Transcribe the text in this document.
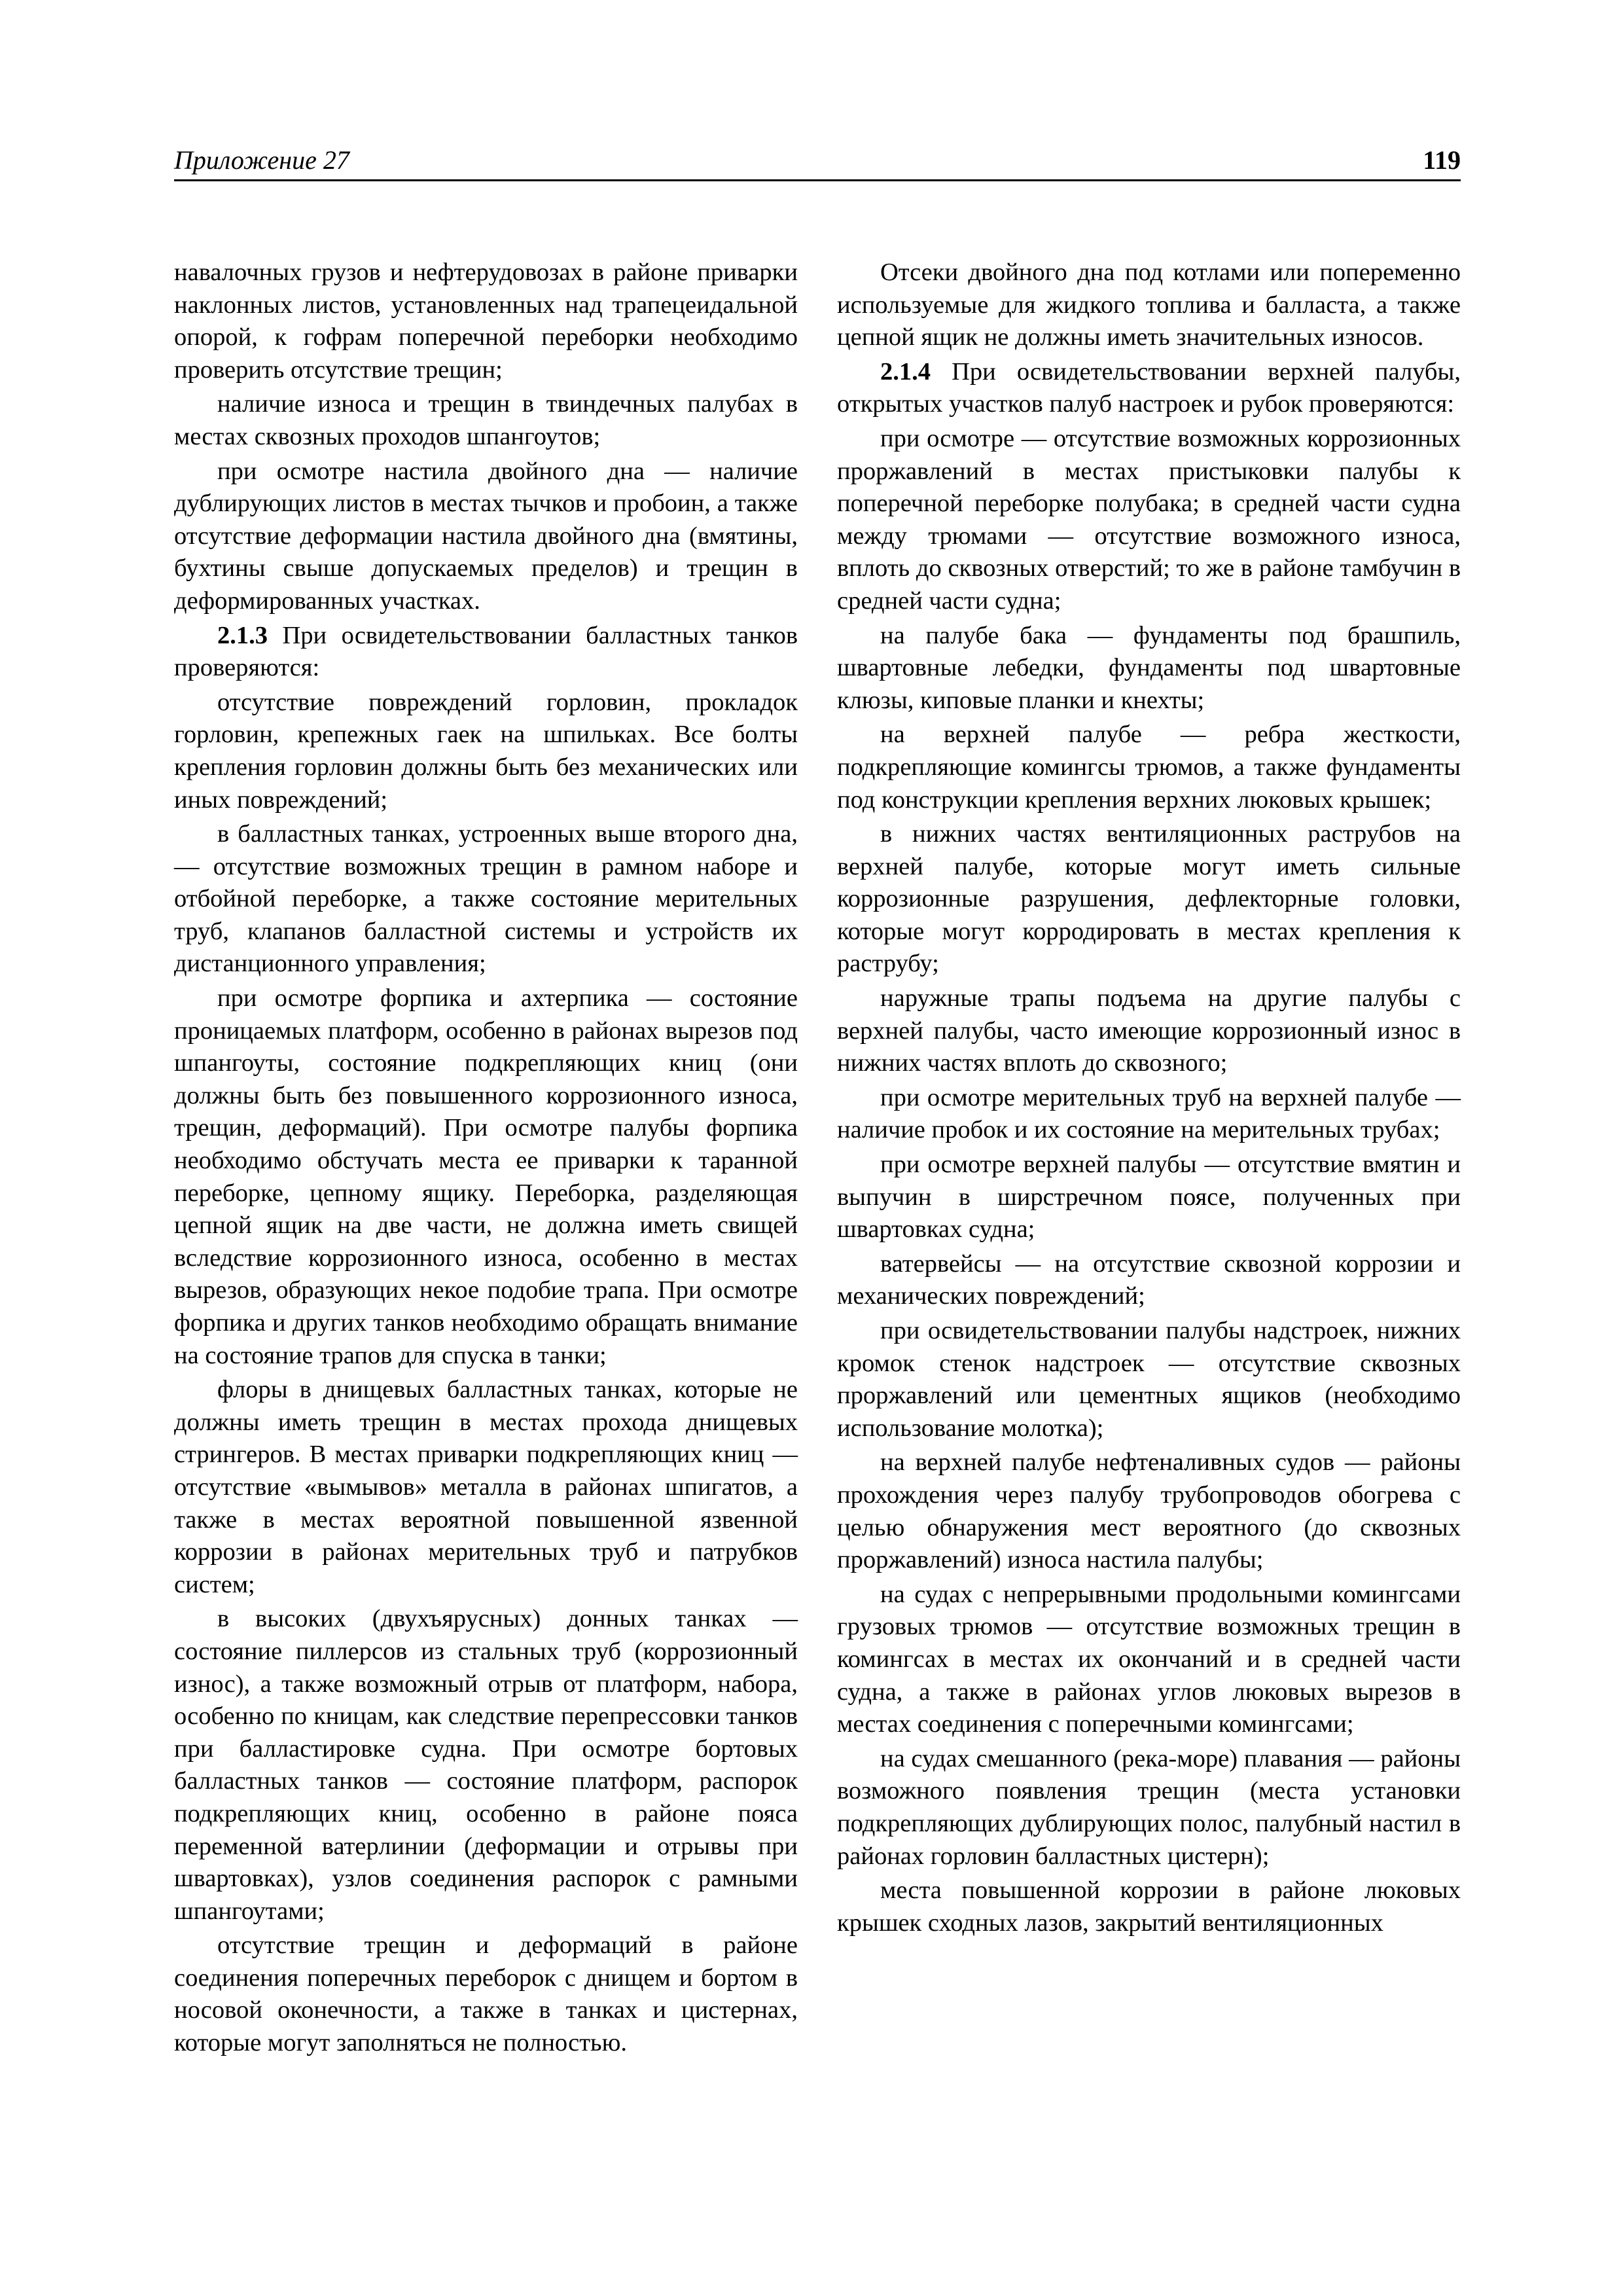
Приложение 27	119

навалочных грузов и нефтерудовозах в районе приварки наклонных листов, установленных над трапецеидальной опорой, к гофрам поперечной переборки необходимо проверить отсутствие трещин;

наличие износа и трещин в твиндечных палубах в местах сквозных проходов шпангоутов;

при осмотре настила двойного дна — наличие дублирующих листов в местах тычков и пробоин, а также отсутствие деформации настила двойного дна (вмятины, бухтины свыше допускаемых пределов) и трещин в деформированных участках.

2.1.3 При освидетельствовании балластных танков проверяются:

отсутствие повреждений горловин, прокладок горловин, крепежных гаек на шпильках. Все болты крепления горловин должны быть без механических или иных повреждений;

в балластных танках, устроенных выше второго дна, — отсутствие возможных трещин в рамном наборе и отбойной переборке, а также состояние мерительных труб, клапанов балластной системы и устройств их дистанционного управления;

при осмотре форпика и ахтерпика — состояние проницаемых платформ, особенно в районах вырезов под шпангоуты, состояние подкрепляющих книц (они должны быть без повышенного коррозионного износа, трещин, деформаций). При осмотре палубы форпика необходимо обстучать места ее приварки к таранной переборке, цепному ящику. Переборка, разделяющая цепной ящик на две части, не должна иметь свищей вследствие коррозионного износа, особенно в местах вырезов, образующих некое подобие трапа. При осмотре форпика и других танков необходимо обращать внимание на состояние трапов для спуска в танки;

флоры в днищевых балластных танках, которые не должны иметь трещин в местах прохода днищевых стрингеров. В местах приварки подкрепляющих книц — отсутствие «вымывов» металла в районах шпигатов, а также в местах вероятной повышенной язвенной коррозии в районах мерительных труб и патрубков систем;

в высоких (двухъярусных) донных танках — состояние пиллерсов из стальных труб (коррозионный износ), а также возможный отрыв от платформ, набора, особенно по кницам, как следствие перепрессовки танков при балластировке судна. При осмотре бортовых балластных танков — состояние платформ, распорок подкрепляющих книц, особенно в районе пояса переменной ватерлинии (деформации и отрывы при швартовках), узлов соединения распорок с рамными шпангоутами;

отсутствие трещин и деформаций в районе соединения поперечных переборок с днищем и бортом в носовой оконечности, а также в танках и цистернах, которые могут заполняться не полностью.

Отсеки двойного дна под котлами или попеременно используемые для жидкого топлива и балласта, а также цепной ящик не должны иметь значительных износов.

2.1.4 При освидетельствовании верхней палубы, открытых участков палуб настроек и рубок проверяются:

при осмотре — отсутствие возможных коррозионных проржавлений в местах пристыковки палубы к поперечной переборке полубака; в средней части судна между трюмами — отсутствие возможного износа, вплоть до сквозных отверстий; то же в районе тамбучин в средней части судна;

на палубе бака — фундаменты под брашпиль, швартовные лебедки, фундаменты под швартовные клюзы, киповые планки и кнехты;

на верхней палубе — ребра жесткости, подкрепляющие комингсы трюмов, а также фундаменты под конструкции крепления верхних люковых крышек;

в нижних частях вентиляционных раструбов на верхней палубе, которые могут иметь сильные коррозионные разрушения, дефлекторные головки, которые могут корродировать в местах крепления к раструбу;

наружные трапы подъема на другие палубы с верхней палубы, часто имеющие коррозионный износ в нижних частях вплоть до сквозного;

при осмотре мерительных труб на верхней палубе — наличие пробок и их состояние на мерительных трубах;

при осмотре верхней палубы — отсутствие вмятин и выпучин в ширстречном поясе, полученных при швартовках судна;

ватервейсы — на отсутствие сквозной коррозии и механических повреждений;

при освидетельствовании палубы надстроек, нижних кромок стенок надстроек — отсутствие сквозных проржавлений или цементных ящиков (необходимо использование молотка);

на верхней палубе нефтеналивных судов — районы прохождения через палубу трубопроводов обогрева с целью обнаружения мест вероятного (до сквозных проржавлений) износа настила палубы;

на судах с непрерывными продольными комингсами грузовых трюмов — отсутствие возможных трещин в комингсах в местах их окончаний и в средней части судна, а также в районах углов люковых вырезов в местах соединения с поперечными комингсами;

на судах смешанного (река-море) плавания — районы возможного появления трещин (места установки подкрепляющих дублирующих полос, палубный настил в районах горловин балластных цистерн);

места повышенной коррозии в районе люковых крышек сходных лазов, закрытий вентиляционных
